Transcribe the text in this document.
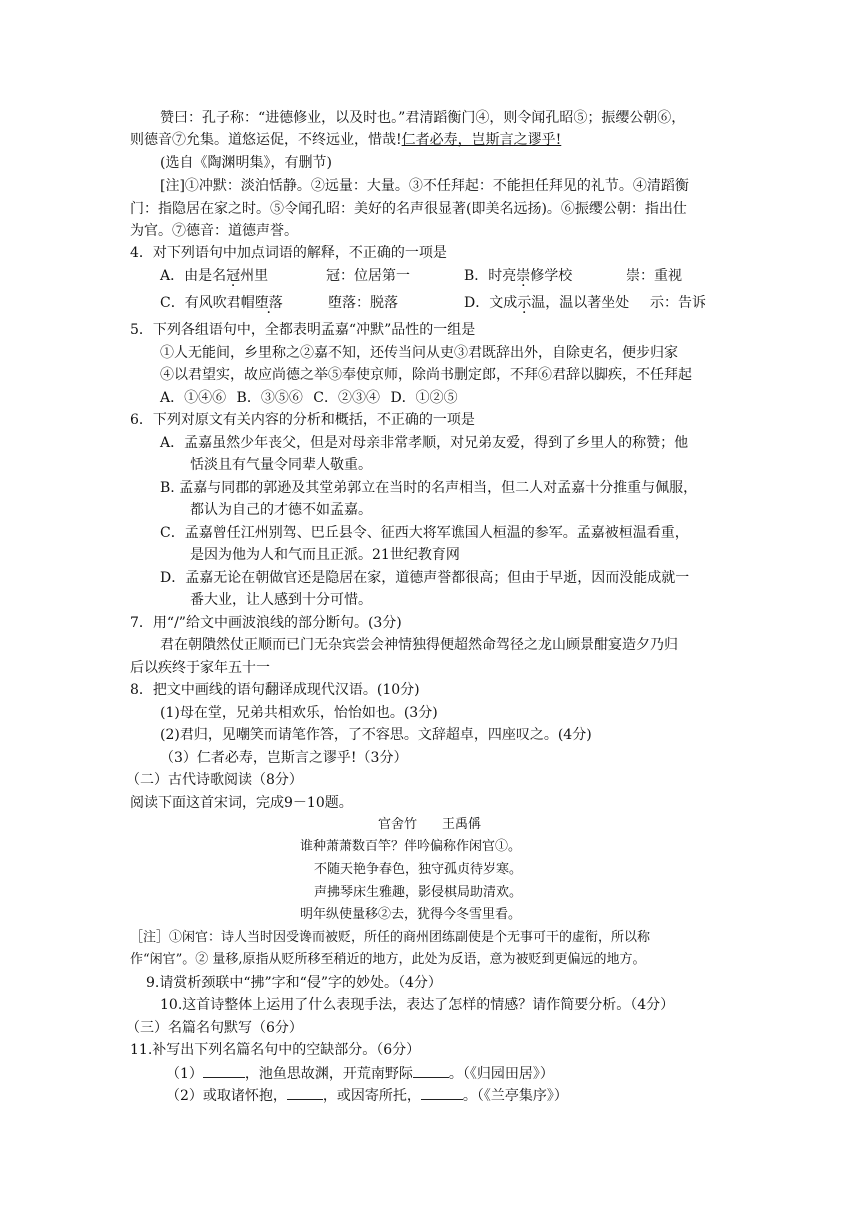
赞曰：孔子称：“进德修业，以及时也。”君清蹈衡门④，则令闻孔昭⑤；振缨公朝⑥，
则德音⑦允集。道悠运促，不终远业，惜哉!仁者必寿，岂斯言之谬乎!
(选自《陶渊明集》，有删节)
[注]①冲默：淡泊恬静。②远量：大量。③不任拜起：不能担任拜见的礼节。④清蹈衡
门：指隐居在家之时。⑤令闻孔昭：美好的名声很显著(即美名远扬)。⑥振缨公朝：指出仕
为官。⑦德音：道德声誉。
4．对下列语句中加点词语的解释，不正确的一项是
A．由是名冠州里	冠：位居第一	B．时亮崇修学校	崇：重视
C．有风吹君帽堕落	堕落：脱落	D．文成示温，温以著坐处 示：告诉
5．下列各组语句中，全都表明孟嘉“冲默”品性的一组是
①人无能间，乡里称之②嘉不知，还传当问从吏③君既辞出外，自除吏名，便步归家
④以君望实，故应尚德之举⑤奉使京师，除尚书删定郎，不拜⑥君辞以脚疾，不任拜起
A．①④⑥ B．③⑤⑥ C．②③④ D．①②⑤
6．下列对原文有关内容的分析和概括，不正确的一项是
A．孟嘉虽然少年丧父，但是对母亲非常孝顺，对兄弟友爱，得到了乡里人的称赞；他
恬淡且有气量令同辈人敬重。
B. 孟嘉与同郡的郭逊及其堂弟郭立在当时的名声相当，但二人对孟嘉十分推重与佩服，
都认为自己的才德不如孟嘉。
C．孟嘉曾任江州别驾、巴丘县令、征西大将军谯国人桓温的参军。孟嘉被桓温看重，
是因为他为人和气而且正派。21世纪教育网
D．孟嘉无论在朝做官还是隐居在家，道德声誉都很高；但由于早逝，因而没能成就一
番大业，让人感到十分可惜。
7．用“/”给文中画波浪线的部分断句。(3分)
君在朝隤然仗正顺而已门无杂宾尝会神情独得便超然命驾径之龙山顾景酣宴造夕乃归
后以疾终于家年五十一
8．把文中画线的语句翻译成现代汉语。(10分)
(1)母在堂，兄弟共相欢乐，怡怡如也。(3分)
(2)君归，见嘲笑而请笔作答，了不容思。文辞超卓，四座叹之。(4分)
（3）仁者必寿，岂斯言之谬乎!（3分）
（二）古代诗歌阅读（8分）
阅读下面这首宋词，完成9－10题。
官舍竹 王禹偁
谁种萧萧数百竿？伴吟偏称作闲官①。
不随天艳争春色，独守孤贞待岁寒。
声拂琴床生雅趣，影侵棋局助清欢。
明年纵使量移②去，犹得今冬雪里看。
［注］①闲官：诗人当时因受谗而被贬，所任的商州团练副使是个无事可干的虚衔，所以称
作“闲官”。② 量移,原指从贬所移至稍近的地方，此处为反语，意为被贬到更偏远的地方。
9.请赏析颈联中“拂”字和“侵”字的妙处。（4分）
10.这首诗整体上运用了什么表现手法，表达了怎样的情感？请作简要分析。（4分）
（三）名篇名句默写（6分）
11.补写出下列名篇名句中的空缺部分。（6分）
（1）	，池鱼思故渊，开荒南野际	。（《归园田居》）
（2）或取诸怀抱，	，或因寄所托，	。（《兰亭集序》）
